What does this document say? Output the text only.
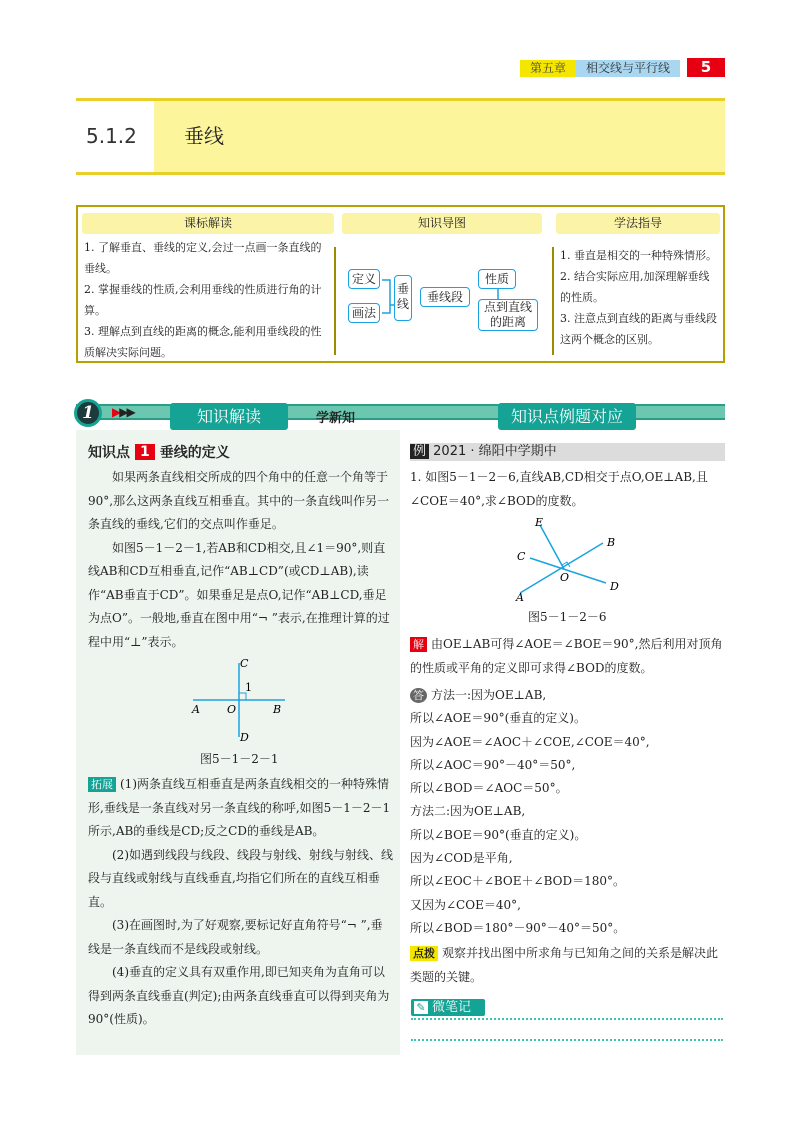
第五章	相交线与平行线	5
5.1.2	垂线
课标解读	知识导图	学法指导
1. 了解垂直、垂线的定义,会过一点画一条直线的垂线。
2. 掌握垂线的性质,会利用垂线的性质进行角的计算。
3. 理解点到直线的距离的概念,能利用垂线段的性质解决实际问题。
定义
画法
垂线	垂线段
性质
点到直线的距离
1. 垂直是相交的一种特殊情形。
2. 结合实际应用,加深理解垂线的性质。
3. 注意点到直线的距离与垂线段这两个概念的区别。
1	▶▶▶	知识解读	学新知	知识点例题对应
知识点 1 垂线的定义

如果两条直线相交所成的四个角中的任意一个角等于90°,那么这两条直线互相垂直。其中的一条直线叫作另一条直线的垂线,它们的交点叫作垂足。

如图5－1－2－1,若AB和CD相交,且∠1＝90°,则直线AB和CD互相垂直,记作“AB⊥CD”(或CD⊥AB),读作“AB垂直于CD”。如果垂足是点O,记作“AB⊥CD,垂足为点O”。一般地,垂直在图中用“¬ ”表示,在推理计算的过程中用“⊥”表示。

C
A O	B
D
1
图5－1－2－1

拓展 (1)两条直线互相垂直是两条直线相交的一种特殊情形,垂线是一条直线对另一条直线的称呼,如图5－1－2－1所示,AB的垂线是CD;反之CD的垂线是AB。

(2)如遇到线段与线段、线段与射线、射线与射线、线段与直线或射线与直线垂直,均指它们所在的直线互相垂直。

(3)在画图时,为了好观察,要标记好直角符号“¬ ”,垂线是一条直线而不是线段或射线。

(4)垂直的定义具有双重作用,即已知夹角为直角可以得到两条直线垂直(判定);由两条直线垂直可以得到夹角为90°(性质)。

例 2021 · 绵阳中学期中

1. 如图5－1－2－6,直线AB,CD相交于点O,OE⊥AB,且∠COE＝40°,求∠BOD的度数。

E
B
C
O
D
A
图5－1－2－6

解 由OE⊥AB可得∠AOE＝∠BOE＝90°,然后利用对顶角的性质或平角的定义即可求得∠BOD的度数。

答 方法一:因为OE⊥AB,
所以∠AOE＝90°(垂直的定义)。
因为∠AOE＝∠AOC＋∠COE,∠COE＝40°,
所以∠AOC＝90°－40°＝50°,
所以∠BOD＝∠AOC＝50°。
方法二:因为OE⊥AB,
所以∠BOE＝90°(垂直的定义)。
因为∠COD是平角,
所以∠EOC＋∠BOE＋∠BOD＝180°。
又因为∠COE＝40°,
所以∠BOD＝180°－90°－40°＝50°。
点拨 观察并找出图中所求角与已知角之间的关系是解决此类题的关键。
✎ 微笔记
